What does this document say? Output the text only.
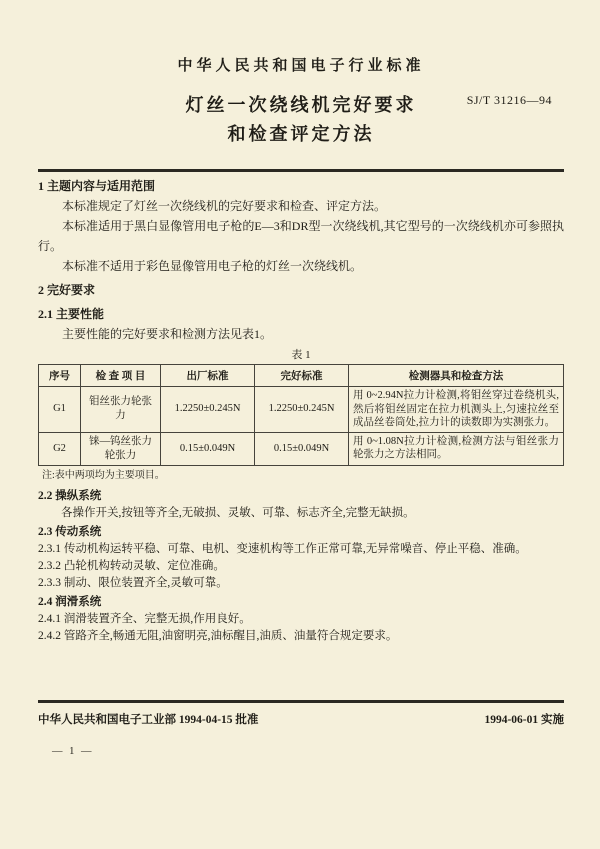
中华人民共和国电子行业标准
SJ/T 31216—94
灯丝一次绕线机完好要求
和检查评定方法
1 主题内容与适用范围
本标准规定了灯丝一次绕线机的完好要求和检查、评定方法。
本标准适用于黑白显像管用电子枪的E—3和DR型一次绕线机,其它型号的一次绕线机亦可参照执行。
本标准不适用于彩色显像管用电子枪的灯丝一次绕线机。
2 完好要求
2.1 主要性能
主要性能的完好要求和检测方法见表1。
表 1
序号	检 查 项 目	出厂标准	完好标准	检测器具和检查方法
G1	钼丝张力轮张力	1.2250±0.245N	1.2250±0.245N	用 0~2.94N拉力计检测,将钼丝穿过卷绕机头,然后将钼丝固定在拉力机测头上,匀速拉丝至成品丝卷筒处,拉力计的读数即为实测张力。
G2	铼—钨丝张力轮张力	0.15±0.049N	0.15±0.049N	用 0~1.08N拉力计检测,检测方法与钼丝张力轮张力之方法相同。
注:表中两项均为主要项目。
2.2 操纵系统
各操作开关,按钮等齐全,无破损、灵敏、可靠、标志齐全,完整无缺损。
2.3 传动系统
2.3.1 传动机构运转平稳、可靠、电机、变速机构等工作正常可靠,无异常噪音、停止平稳、准确。
2.3.2 凸轮机构转动灵敏、定位准确。
2.3.3 制动、限位装置齐全,灵敏可靠。
2.4 润滑系统
2.4.1 润滑装置齐全、完整无损,作用良好。
2.4.2 管路齐全,畅通无阻,油窗明亮,油标醒目,油质、油量符合规定要求。
中华人民共和国电子工业部 1994-04-15 批准	1994-06-01 实施
— 1 —
